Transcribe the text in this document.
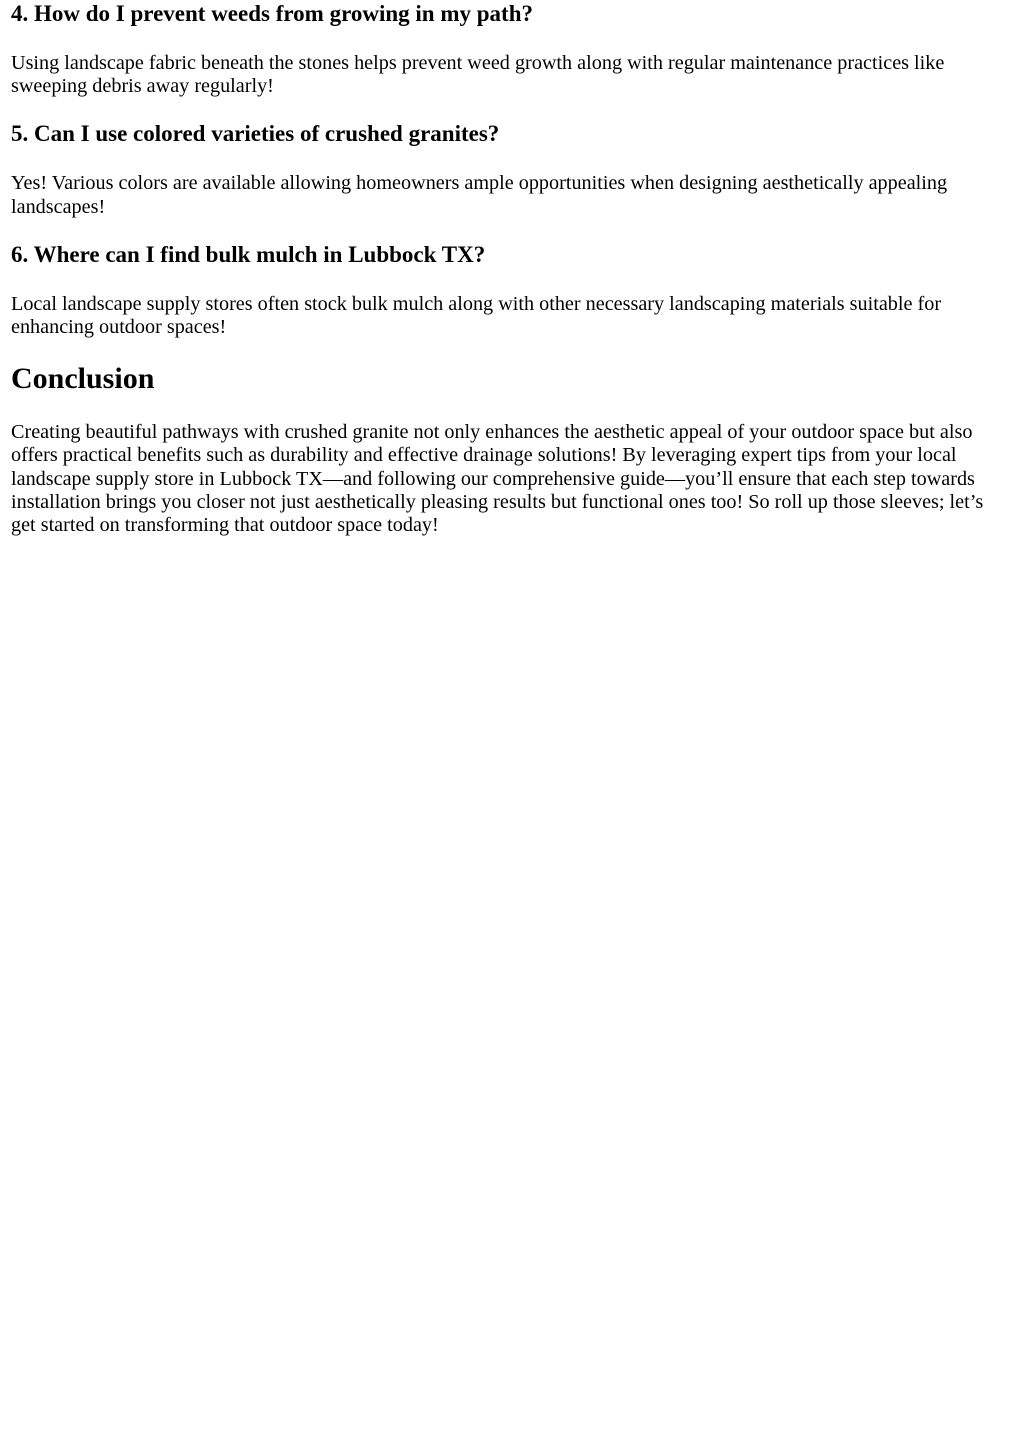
4. How do I prevent weeds from growing in my path?

Using landscape fabric beneath the stones helps prevent weed growth along with regular maintenance practices like sweeping debris away regularly!

5. Can I use colored varieties of crushed granites?

Yes! Various colors are available allowing homeowners ample opportunities when designing aesthetically appealing landscapes!

6. Where can I find bulk mulch in Lubbock TX?

Local landscape supply stores often stock bulk mulch along with other necessary landscaping materials suitable for enhancing outdoor spaces!

Conclusion

Creating beautiful pathways with crushed granite not only enhances the aesthetic appeal of your outdoor space but also offers practical benefits such as durability and effective drainage solutions! By leveraging expert tips from your local landscape supply store in Lubbock TX—and following our comprehensive guide—you’ll ensure that each step towards installation brings you closer not just aesthetically pleasing results but functional ones too! So roll up those sleeves; let’s get started on transforming that outdoor space today!
